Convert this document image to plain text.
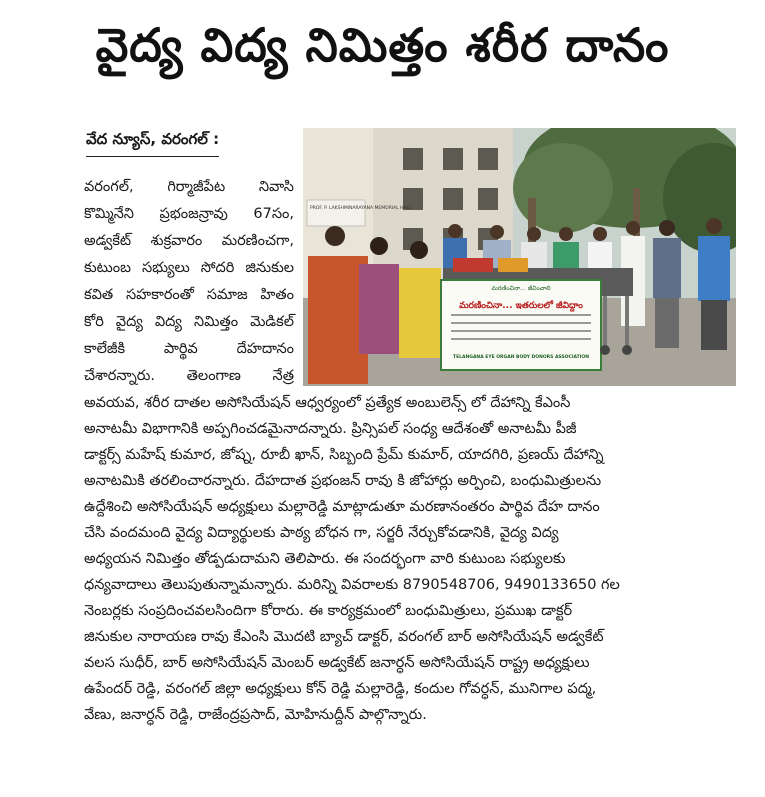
వైద్య విద్య నిమిత్తం శరీర దానం
వేద న్యూస్, వరంగల్ :
PROF. P. LAKSHMINARAYANA MEMORIAL HALL
మరణించినా... జీవించాలి
మరణించినా... ఇతరులలో జీవిద్దాం
TELANGANA EYE ORGAN BODY DONORS ASSOCIATION
వరంగల్, గిర్మాజీపేట నివాసి
కొమ్మినేని ప్రభంజన్రావు 67సం,
అడ్వకేట్ శుక్రవారం మరణించగా,
కుటుంబ సభ్యులు సోదరి జినుకుల
కవిత సహకారంతో సమాజ హితం
కోరి వైద్య విద్య నిమిత్తం మెడికల్
కాలేజీకి పార్థివ దేహదానం
చేశారన్నారు. తెలంగాణ నేత్ర
అవయవ, శరీర దాతల అసోసియేషన్ ఆధ్వర్యంలో ప్రత్యేక అంబులెన్స్ లో దేహాన్ని కేఎంసీ
అనాటమీ విభాగానికి అప్పగించడమైనాదన్నారు. ప్రిన్సిపల్ సంధ్య ఆదేశంతో అనాటమీ పీజీ
డాక్టర్స్ మహేష్ కుమార, జోష్న, రూబీ ఖాన్, సిబ్బంది ప్రేమ్ కుమార్, యాదగిరి, ప్రణయ్ దేహాన్ని
అనాటమికి తరలించారన్నారు. దేహదాత ప్రభంజన్ రావు కి జోహార్లు అర్పించి, బంధుమిత్రులను
ఉద్దేశించి అసోసియేషన్ అధ్యక్షులు మల్లారెడ్డి మాట్లాడుతూ మరణానంతరం పార్థివ దేహ దానం
చేసి వందమంది వైద్య విద్యార్థులకు పాఠ్య బోధన గా, సర్జరీ నేర్చుకోవడానికి, వైద్య విద్య
అధ్యయన నిమిత్తం తోడ్పడుదామని తెలిపారు. ఈ సందర్భంగా వారి కుటుంబ సభ్యులకు
ధన్యవాదాలు తెలుపుతున్నామన్నారు. మరిన్ని వివరాలకు 8790548706, 9490133650 గల
నెంబర్లకు సంప్రదించవలసిందిగా కోరారు. ఈ కార్యక్రమంలో బంధుమిత్రులు, ప్రముఖ డాక్టర్
జినుకుల నారాయణ రావు కేఎంసి మొదటి బ్యాచ్ డాక్టర్, వరంగల్ బార్ అసోసియేషన్ అడ్వకేట్
వలస సుధీర్, బార్ అసోసియేషన్ మెంబర్ అడ్వకేట్ జనార్ధన్ అసోసియేషన్ రాష్ట్ర అధ్యక్షులు
ఉపేందర్ రెడ్డి, వరంగల్ జిల్లా అధ్యక్షులు కోన్ రెడ్డి మల్లారెడ్డి, కందుల గోవర్ధన్, మునిగాల పద్మ,
వేణు, జనార్ధన్ రెడ్డి, రాజేంద్రప్రసాద్, మోహినుద్దీన్ పాల్గొన్నారు.
